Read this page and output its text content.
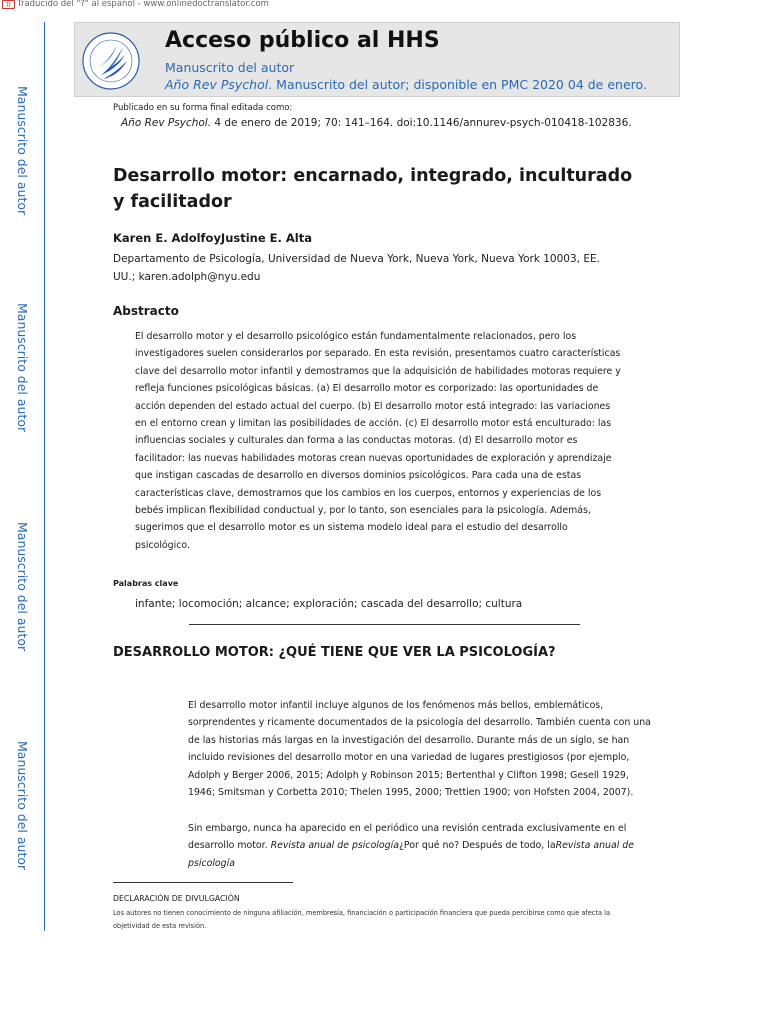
Tr Traducido del "?" al español - www.onlinedoctranslator.com
Manuscrito del autor
Manuscrito del autor
Manuscrito del autor
Manuscrito del autor
Acceso público al HHS
Manuscrito del autor
Año Rev Psychol. Manuscrito del autor; disponible en PMC 2020 04 de enero.
Publicado en su forma final editada como:
Año Rev Psychol. 4 de enero de 2019; 70: 141–164. doi:10.1146/annurev-psych-010418-102836.
Desarrollo motor: encarnado, integrado, inculturado y facilitador
Karen E. AdolfoyJustine E. Alta
Departamento de Psicología, Universidad de Nueva York, Nueva York, Nueva York 10003, EE. UU.; karen.adolph@nyu.edu
Abstracto
El desarrollo motor y el desarrollo psicológico están fundamentalmente relacionados, pero los investigadores suelen considerarlos por separado. En esta revisión, presentamos cuatro características clave del desarrollo motor infantil y demostramos que la adquisición de habilidades motoras requiere y refleja funciones psicológicas básicas. (a) El desarrollo motor es corporizado: las oportunidades de acción dependen del estado actual del cuerpo. (b) El desarrollo motor está integrado: las variaciones en el entorno crean y limitan las posibilidades de acción. (c) El desarrollo motor está enculturado: las influencias sociales y culturales dan forma a las conductas motoras. (d) El desarrollo motor es facilitador: las nuevas habilidades motoras crean nuevas oportunidades de exploración y aprendizaje que instigan cascadas de desarrollo en diversos dominios psicológicos. Para cada una de estas características clave, demostramos que los cambios en los cuerpos, entornos y experiencias de los bebés implican flexibilidad conductual y, por lo tanto, son esenciales para la psicología. Además, sugerimos que el desarrollo motor es un sistema modelo ideal para el estudio del desarrollo psicológico.
Palabras clave
infante; locomoción; alcance; exploración; cascada del desarrollo; cultura
DESARROLLO MOTOR: ¿QUÉ TIENE QUE VER LA PSICOLOGÍA?
El desarrollo motor infantil incluye algunos de los fenómenos más bellos, emblemáticos, sorprendentes y ricamente documentados de la psicología del desarrollo. También cuenta con una de las historias más largas en la investigación del desarrollo. Durante más de un siglo, se han incluido revisiones del desarrollo motor en una variedad de lugares prestigiosos (por ejemplo, Adolph y Berger 2006, 2015; Adolph y Robinson 2015; Bertenthal y Clifton 1998; Gesell 1929, 1946; Smitsman y Corbetta 2010; Thelen 1995, 2000; Trettien 1900; von Hofsten 2004, 2007).
Sin embargo, nunca ha aparecido en el periódico una revisión centrada exclusivamente en el desarrollo motor. Revista anual de psicología¿Por qué no? Después de todo, laRevista anual de psicología
DECLARACIÓN DE DIVULGACIÓN
Los autores no tienen conocimiento de ninguna afiliación, membresía, financiación o participación financiera que pueda percibirse como que afecta la objetividad de esta revisión.
